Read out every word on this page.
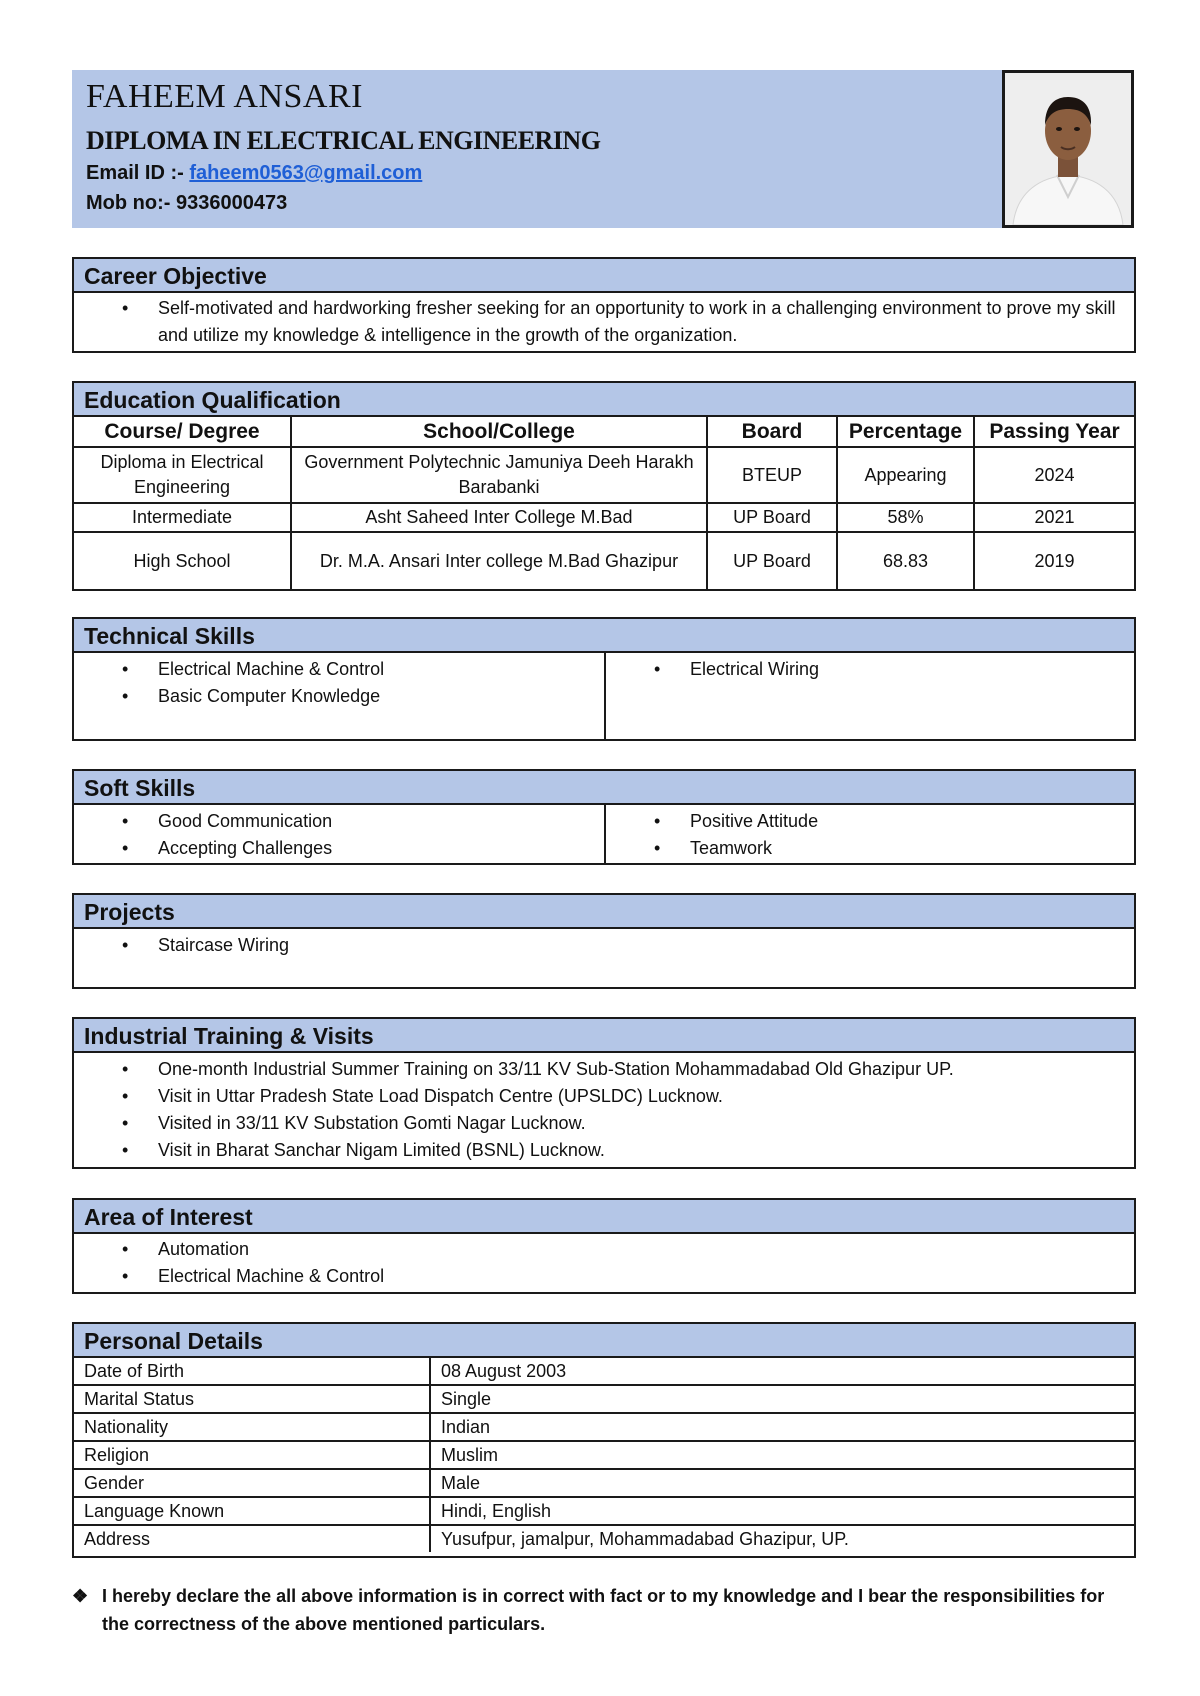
FAHEEM ANSARI
DIPLOMA IN ELECTRICAL ENGINEERING
Email ID :- faheem0563@gmail.com
Mob no:- 9336000473
Career Objective
• Self-motivated and hardworking fresher seeking for an opportunity to work in a challenging environment to prove my skill and utilize my knowledge & intelligence in the growth of the organization.
Education Qualification
Course/ Degree	School/College	Board	Percentage	Passing Year
Diploma in Electrical Engineering	Government Polytechnic Jamuniya Deeh Harakh Barabanki	BTEUP	Appearing	2024
Intermediate	Asht Saheed Inter College M.Bad	UP Board	58%	2021
High School	Dr. M.A. Ansari Inter college M.Bad Ghazipur	UP Board	68.83	2019
Technical Skills
• Electrical Machine & Control
• Basic Computer Knowledge
• Electrical Wiring
Soft Skills
• Good Communication
• Accepting Challenges
• Positive Attitude
• Teamwork
Projects
• Staircase Wiring
Industrial Training & Visits
• One-month Industrial Summer Training on 33/11 KV Sub-Station Mohammadabad Old Ghazipur UP.
• Visit in Uttar Pradesh State Load Dispatch Centre (UPSLDC) Lucknow.
• Visited in 33/11 KV Substation Gomti Nagar Lucknow.
• Visit in Bharat Sanchar Nigam Limited (BSNL) Lucknow.
Area of Interest
• Automation
• Electrical Machine & Control
Personal Details
Date of Birth	08 August 2003
Marital Status	Single
Nationality	Indian
Religion	Muslim
Gender	Male
Language Known	Hindi, English
Address	Yusufpur, jamalpur, Mohammadabad Ghazipur, UP.
❖ I hereby declare the all above information is in correct with fact or to my knowledge and I bear the responsibilities for the correctness of the above mentioned particulars.
